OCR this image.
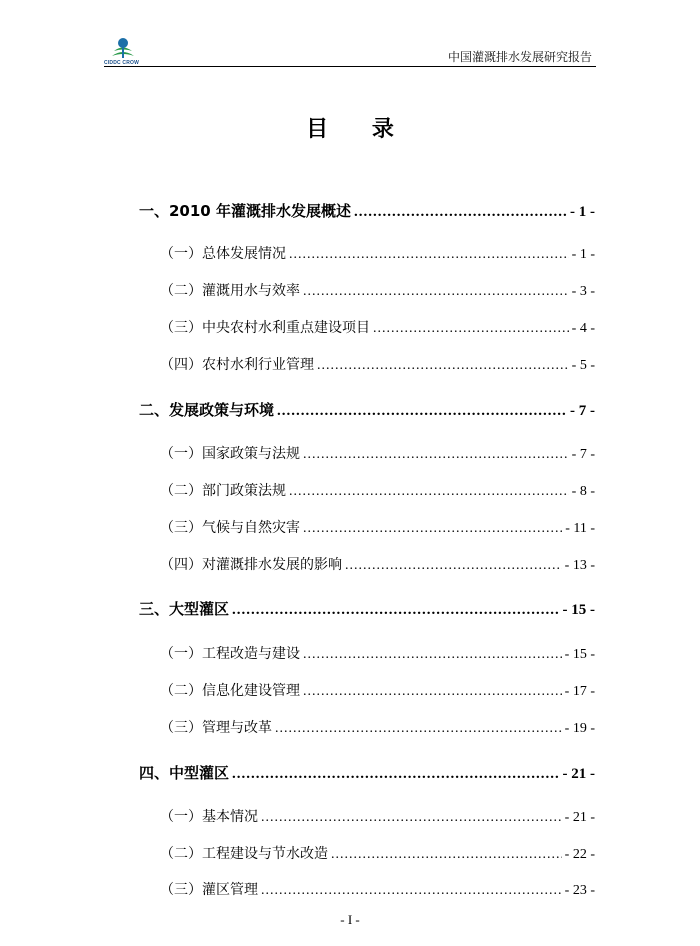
CIDDC CROW	中国灌溉排水发展研究报告
目 录
一、2010 年灌溉排水发展概述 .....	- 1 -
（一）总体发展情况 .....	- 1 -
（二）灌溉用水与效率 .....	- 3 -
（三）中央农村水利重点建设项目 .....	- 4 -
（四）农村水利行业管理 .....	- 5 -
二、发展政策与环境 .....	- 7 -
（一）国家政策与法规 .....	- 7 -
（二）部门政策法规 .....	- 8 -
（三）气候与自然灾害 .....	- 11 -
（四）对灌溉排水发展的影响 .....	- 13 -
三、大型灌区 .....	- 15 -
（一）工程改造与建设 .....	- 15 -
（二）信息化建设管理 .....	- 17 -
（三）管理与改革 .....	- 19 -
四、中型灌区 .....	- 21 -
（一）基本情况 .....	- 21 -
（二）工程建设与节水改造 .....	- 22 -
（三）灌区管理 .....	- 23 -
- I -
